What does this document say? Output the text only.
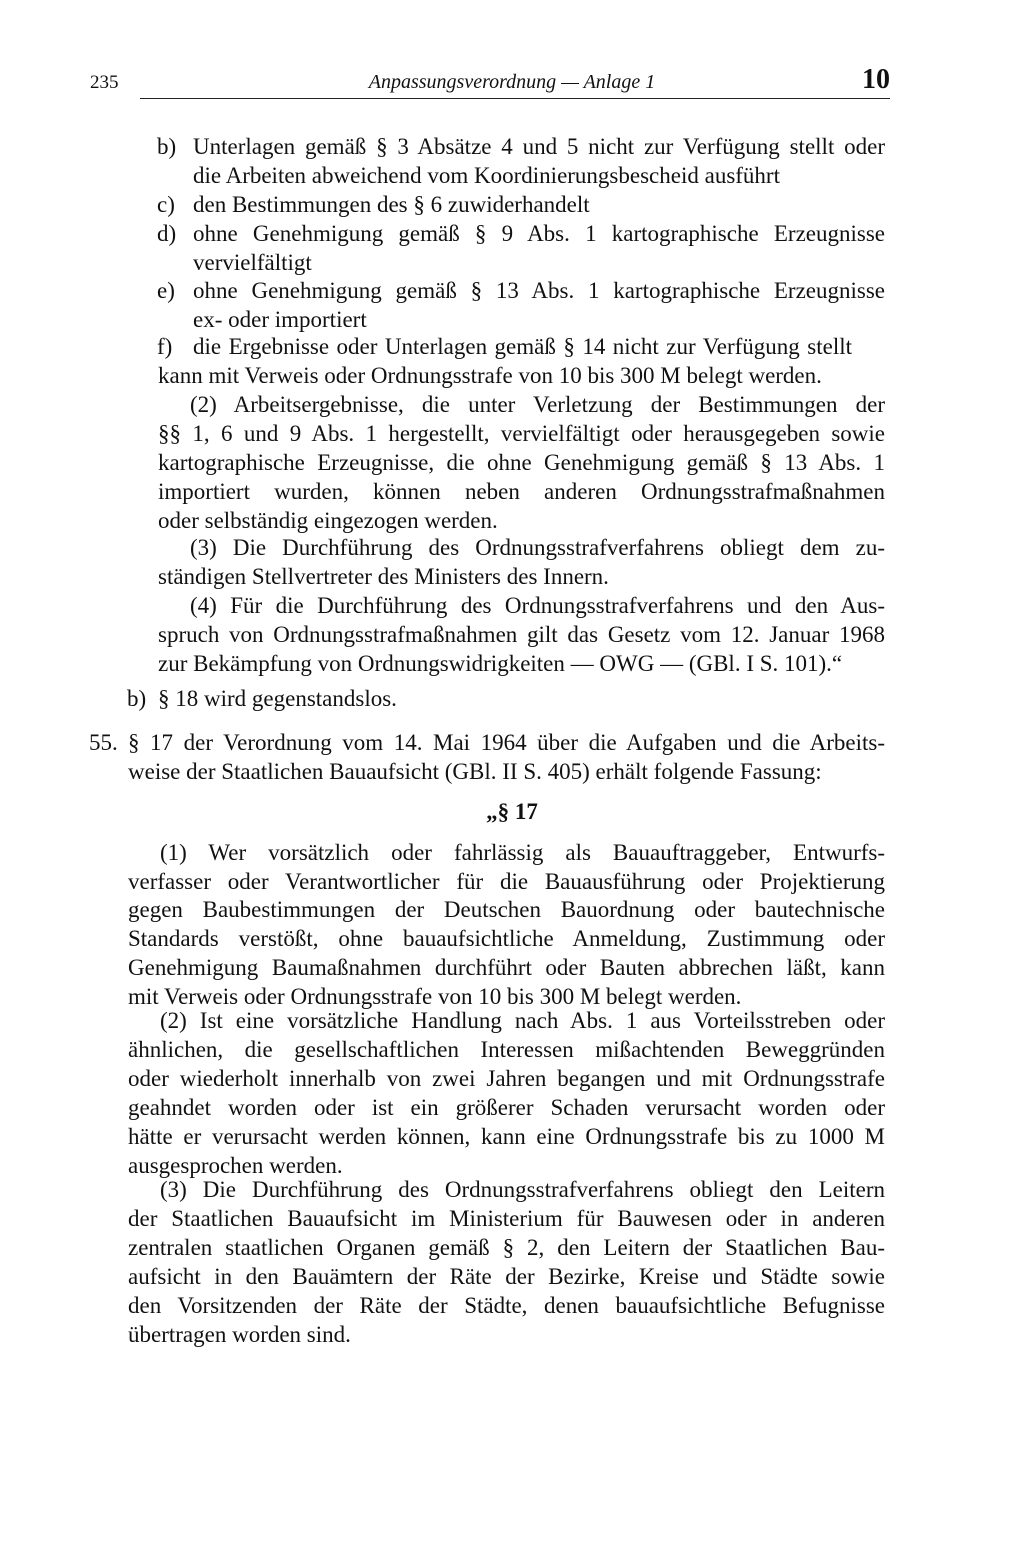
235	Anpassungsverordnung — Anlage 1	10
b) Unterlagen gemäß § 3 Absätze 4 und 5 nicht zur Verfügung stellt oder
die Arbeiten abweichend vom Koordinierungsbescheid ausführt
c) den Bestimmungen des § 6 zuwiderhandelt
d) ohne Genehmigung gemäß § 9 Abs. 1 kartographische Erzeugnisse
vervielfältigt
e) ohne Genehmigung gemäß § 13 Abs. 1 kartographische Erzeugnisse
ex- oder importiert
f) die Ergebnisse oder Unterlagen gemäß § 14 nicht zur Verfügung stellt
kann mit Verweis oder Ordnungsstrafe von 10 bis 300 M belegt werden.
(2) Arbeitsergebnisse, die unter Verletzung der Bestimmungen der
§§ 1, 6 und 9 Abs. 1 hergestellt, vervielfältigt oder herausgegeben sowie
kartographische Erzeugnisse, die ohne Genehmigung gemäß § 13 Abs. 1
importiert wurden, können neben anderen Ordnungsstrafmaßnahmen
oder selbständig eingezogen werden.
(3) Die Durchführung des Ordnungsstrafverfahrens obliegt dem zu-
ständigen Stellvertreter des Ministers des Innern.
(4) Für die Durchführung des Ordnungsstrafverfahrens und den Aus-
spruch von Ordnungsstrafmaßnahmen gilt das Gesetz vom 12. Januar 1968
zur Bekämpfung von Ordnungswidrigkeiten — OWG — (GBl. I S. 101).“
b) § 18 wird gegenstandslos.
55. § 17 der Verordnung vom 14. Mai 1964 über die Aufgaben und die Arbeits-
weise der Staatlichen Bauaufsicht (GBl. II S. 405) erhält folgende Fassung:
„§ 17
(1) Wer vorsätzlich oder fahrlässig als Bauauftraggeber, Entwurfs-
verfasser oder Verantwortlicher für die Bauausführung oder Projektierung
gegen Baubestimmungen der Deutschen Bauordnung oder bautechnische
Standards verstößt, ohne bauaufsichtliche Anmeldung, Zustimmung oder
Genehmigung Baumaßnahmen durchführt oder Bauten abbrechen läßt, kann
mit Verweis oder Ordnungsstrafe von 10 bis 300 M belegt werden.
(2) Ist eine vorsätzliche Handlung nach Abs. 1 aus Vorteilsstreben oder
ähnlichen, die gesellschaftlichen Interessen mißachtenden Beweggründen
oder wiederholt innerhalb von zwei Jahren begangen und mit Ordnungsstrafe
geahndet worden oder ist ein größerer Schaden verursacht worden oder
hätte er verursacht werden können, kann eine Ordnungsstrafe bis zu 1000 M
ausgesprochen werden.
(3) Die Durchführung des Ordnungsstrafverfahrens obliegt den Leitern
der Staatlichen Bauaufsicht im Ministerium für Bauwesen oder in anderen
zentralen staatlichen Organen gemäß § 2, den Leitern der Staatlichen Bau-
aufsicht in den Bauämtern der Räte der Bezirke, Kreise und Städte sowie
den Vorsitzenden der Räte der Städte, denen bauaufsichtliche Befugnisse
übertragen worden sind.
